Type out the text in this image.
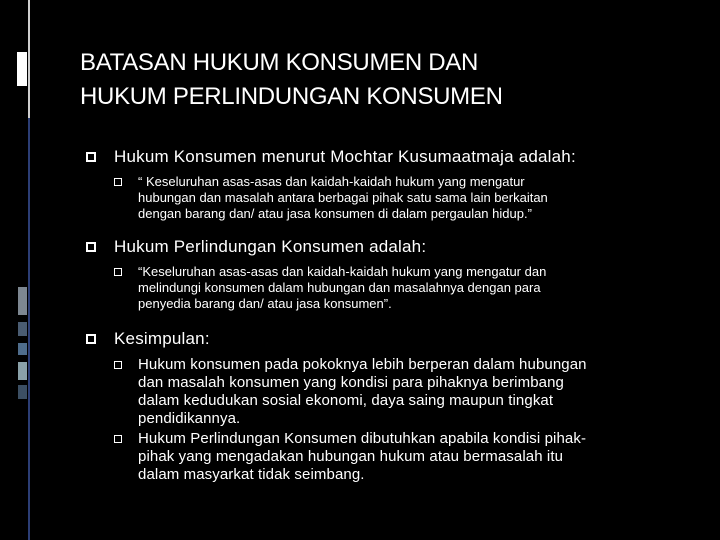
BATASAN HUKUM KONSUMEN DAN
HUKUM PERLINDUNGAN KONSUMEN
Hukum Konsumen menurut Mochtar Kusumaatmaja adalah:
“ Keseluruhan asas-asas dan kaidah-kaidah hukum yang mengatur
hubungan dan masalah antara berbagai pihak satu sama lain berkaitan
dengan barang dan/ atau jasa konsumen di dalam pergaulan hidup.”
Hukum Perlindungan Konsumen adalah:
“Keseluruhan asas-asas dan kaidah-kaidah hukum yang mengatur dan
melindungi konsumen dalam hubungan dan masalahnya dengan para
penyedia barang dan/ atau jasa konsumen”.
Kesimpulan:
Hukum konsumen pada pokoknya lebih berperan dalam hubungan
dan masalah konsumen yang kondisi para pihaknya berimbang
dalam kedudukan sosial ekonomi, daya saing maupun tingkat
pendidikannya.
Hukum Perlindungan Konsumen dibutuhkan apabila kondisi pihak-
pihak yang mengadakan hubungan hukum atau bermasalah itu
dalam masyarkat tidak seimbang.
